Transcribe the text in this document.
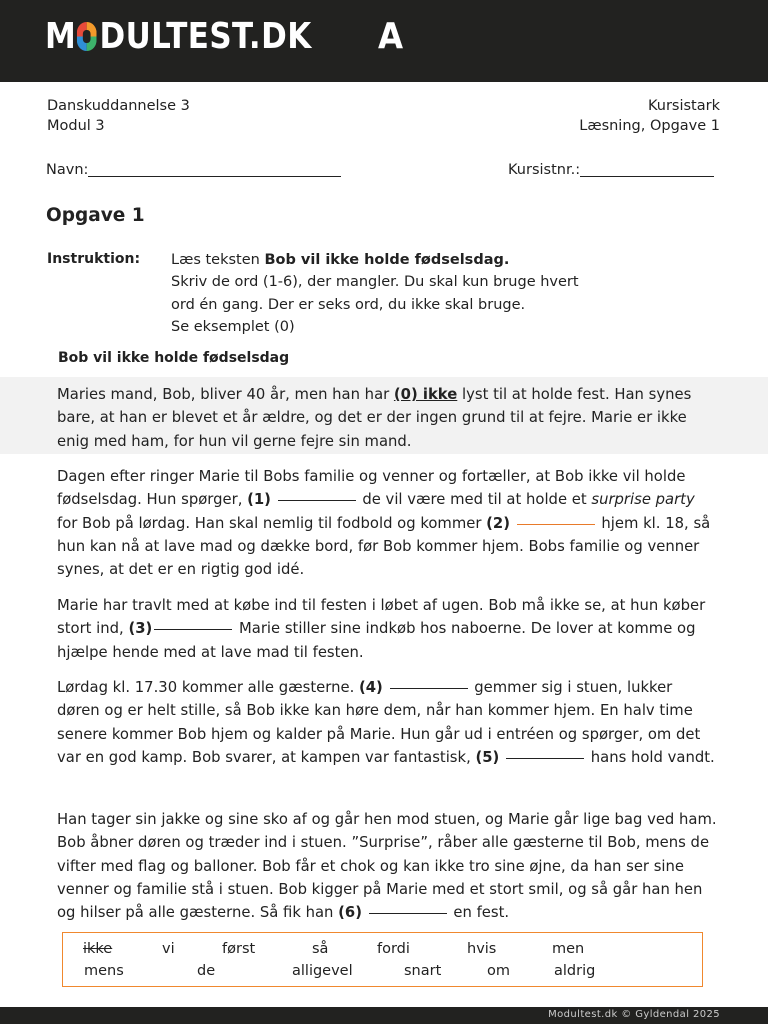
M DULTEST.DK A
Danskuddannelse 3
Modul 3
Kursistark
Læsning, Opgave 1
Navn:	Kursistnr.:
Opgave 1
Instruktion: Læs teksten Bob vil ikke holde fødselsdag.
Skriv de ord (1-6), der mangler. Du skal kun bruge hvert
ord én gang. Der er seks ord, du ikke skal bruge.
Se eksemplet (0)
Bob vil ikke holde fødselsdag
Maries mand, Bob, bliver 40 år, men han har (0) ikke lyst til at holde fest. Han synes bare, at han er blevet et år ældre, og det er der ingen grund til at fejre. Marie er ikke enig med ham, for hun vil gerne fejre sin mand.
Dagen efter ringer Marie til Bobs familie og venner og fortæller, at Bob ikke vil holde fødselsdag. Hun spørger, (1)	de vil være med til at holde et surprise party for Bob på lørdag. Han skal nemlig til fodbold og kommer (2)	hjem kl. 18, så hun kan nå at lave mad og dække bord, før Bob kommer hjem. Bobs familie og venner synes, at det er en rigtig god idé.
Marie har travlt med at købe ind til festen i løbet af ugen. Bob må ikke se, at hun køber stort ind, (3)	Marie stiller sine indkøb hos naboerne. De lover at komme og hjælpe hende med at lave mad til festen.
Lørdag kl. 17.30 kommer alle gæsterne. (4)	gemmer sig i stuen, lukker døren og er helt stille, så Bob ikke kan høre dem, når han kommer hjem. En halv time senere kommer Bob hjem og kalder på Marie. Hun går ud i entréen og spørger, om det var en god kamp. Bob svarer, at kampen var fantastisk, (5)	hans hold vandt.
Han tager sin jakke og sine sko af og går hen mod stuen, og Marie går lige bag ved ham. Bob åbner døren og træder ind i stuen. ”Surprise”, råber alle gæsterne til Bob, mens de vifter med flag og balloner. Bob får et chok og kan ikke tro sine øjne, da han ser sine venner og familie stå i stuen. Bob kigger på Marie med et stort smil, og så går han hen og hilser på alle gæsterne. Så fik han (6)	en fest.
ikke	vi	først	så	fordi	hvis	men
mens	de	alligevel	snart	om	aldrig
Modultest.dk © Gyldendal 2025
